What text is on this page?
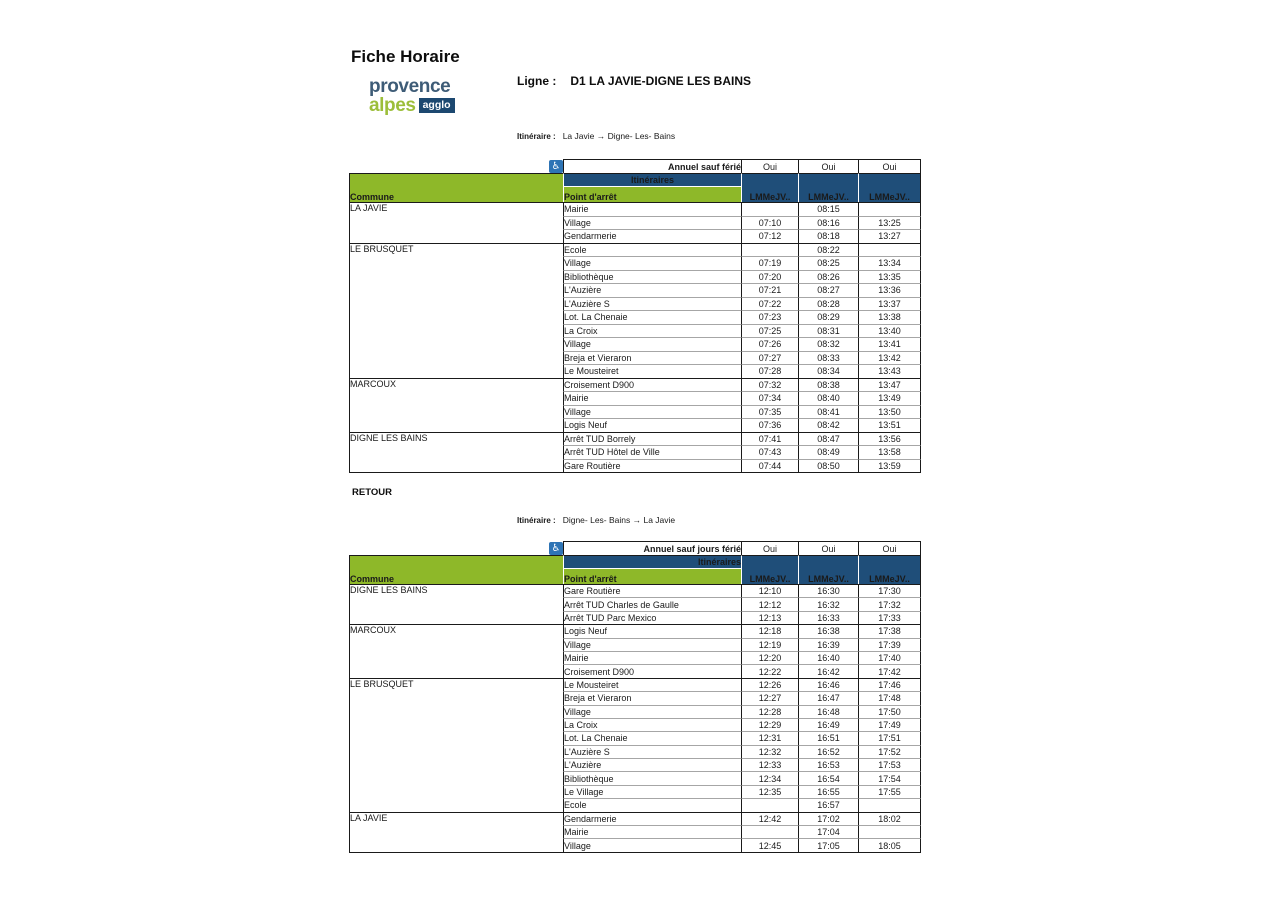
Fiche Horaire
provence
alpes agglo
Ligne : D1 LA JAVIE-DIGNE LES BAINS
Itinéraire : La Javie → Digne- Les- Bains
♿	Annuel sauf férié	Oui	Oui	Oui
Commune	Itinéraires	LMMeJV..	LMMeJV..	LMMeJV..
	Point d'arrêt			
LA JAVIE	Mairie		08:15	
	Village	07:10	08:16	13:25
	Gendarmerie	07:12	08:18	13:27
LE BRUSQUET	Ecole		08:22	
	Village	07:19	08:25	13:34
	Bibliothèque	07:20	08:26	13:35
	L'Auzière	07:21	08:27	13:36
	L'Auzière S	07:22	08:28	13:37
	Lot. La Chenaie	07:23	08:29	13:38
	La Croix	07:25	08:31	13:40
	Village	07:26	08:32	13:41
	Breja et Vieraron	07:27	08:33	13:42
	Le Mousteiret	07:28	08:34	13:43
MARCOUX	Croisement D900	07:32	08:38	13:47
	Mairie	07:34	08:40	13:49
	Village	07:35	08:41	13:50
	Logis Neuf	07:36	08:42	13:51
DIGNE LES BAINS	Arrêt TUD Borrely	07:41	08:47	13:56
	Arrêt TUD Hôtel de Ville	07:43	08:49	13:58
	Gare Routière	07:44	08:50	13:59
RETOUR
Itinéraire : Digne- Les- Bains → La Javie
♿	Annuel sauf jours férié	Oui	Oui	Oui
Commune	Itinéraires	LMMeJV..	LMMeJV..	LMMeJV..
	Point d'arrêt			
DIGNE LES BAINS	Gare Routière	12:10	16:30	17:30
	Arrêt TUD Charles de Gaulle	12:12	16:32	17:32
	Arrêt TUD Parc Mexico	12:13	16:33	17:33
MARCOUX	Logis Neuf	12:18	16:38	17:38
	Village	12:19	16:39	17:39
	Mairie	12:20	16:40	17:40
	Croisement D900	12:22	16:42	17:42
LE BRUSQUET	Le Mousteiret	12:26	16:46	17:46
	Breja et Vieraron	12:27	16:47	17:48
	Village	12:28	16:48	17:50
	La Croix	12:29	16:49	17:49
	Lot. La Chenaie	12:31	16:51	17:51
	L'Auzière S	12:32	16:52	17:52
	L'Auzière	12:33	16:53	17:53
	Bibliothèque	12:34	16:54	17:54
	Le Village	12:35	16:55	17:55
	Ecole		16:57	
LA JAVIE	Gendarmerie	12:42	17:02	18:02
	Mairie		17:04	
	Village	12:45	17:05	18:05
